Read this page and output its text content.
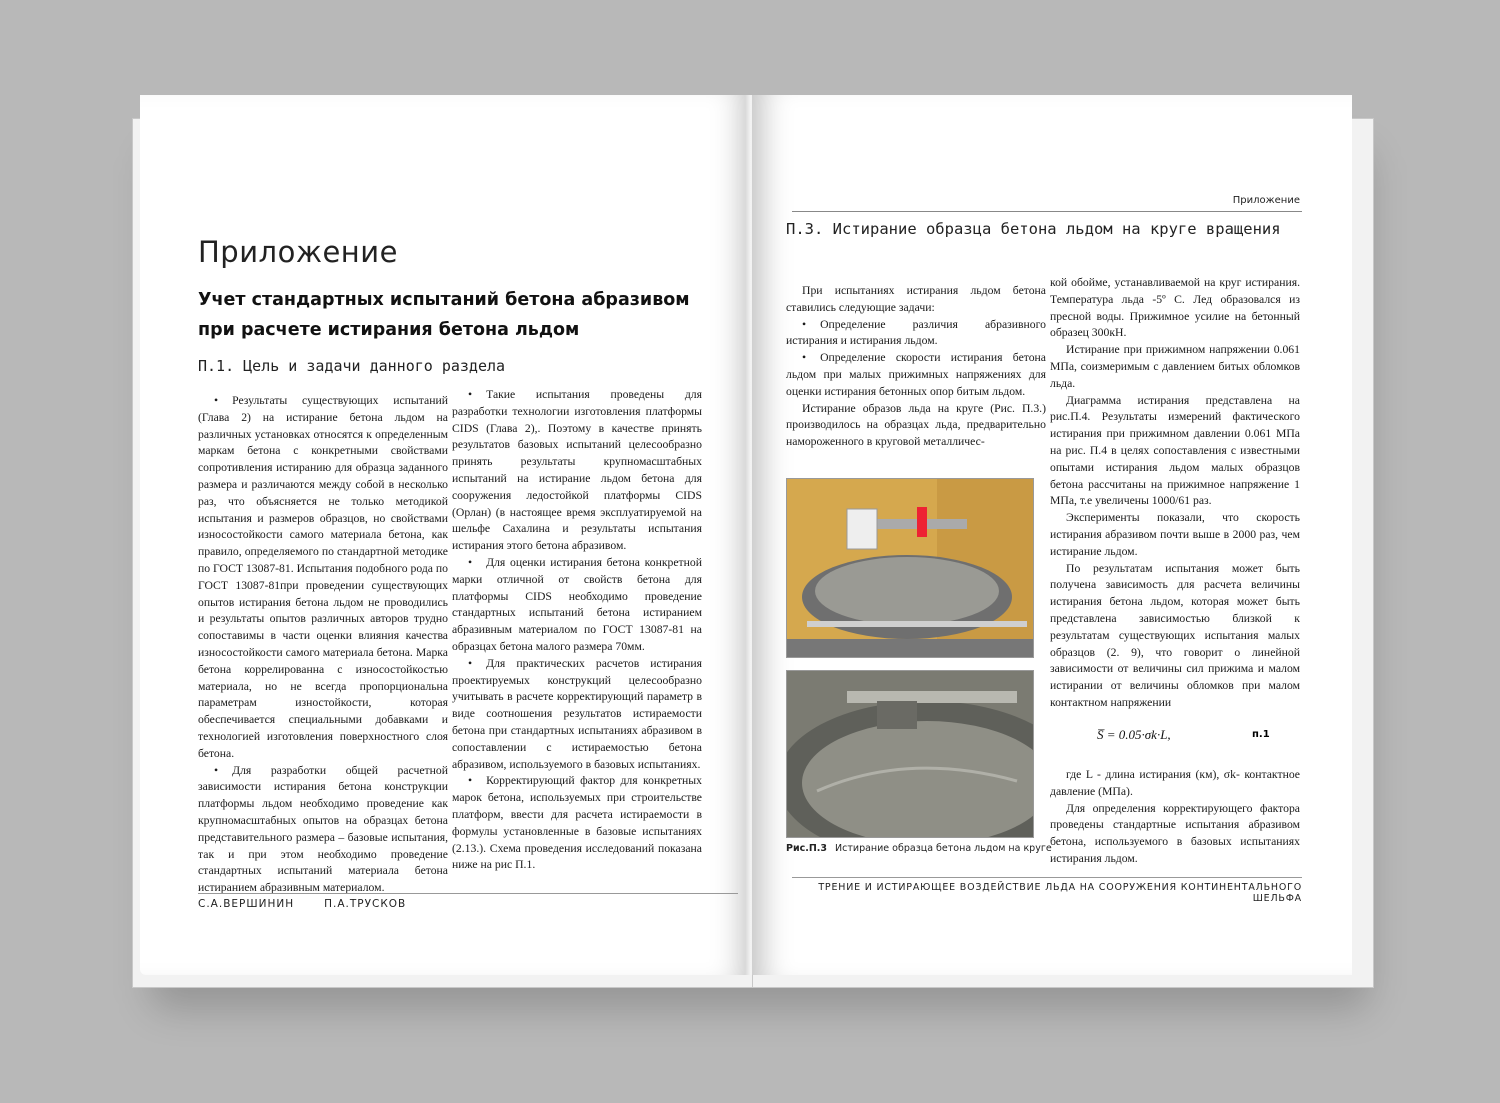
Приложение
Учет стандартных испытаний бетона абразивом при расчете истирания бетона льдом
П.1. Цель и задачи данного раздела

• Результаты существующих испытаний (Глава 2) на истирание бетона льдом на различных установках относятся к определенным маркам бетона с конкретными свойствами сопротивления истиранию для образца заданного размера и различаются между собой в несколько раз, что объясняется не только методикой испытания и размеров образцов, но свойствами износостойкости самого материала бетона, как правило, определяемого по стандартной методике по ГОСТ 13087-81. Испытания подобного рода по ГОСТ 13087-81при проведении существующих опытов истирания бетона льдом не проводились и результаты опытов различных авторов трудно сопоставимы в части оценки влияния качества износостойкости самого материала бетона. Марка бетона коррелированна с износостойкостью материала, но не всегда пропорциональна параметрам изностойкости, которая обеспечивается специальными добавками и технологией изготовления поверхностного слоя бетона.

• Для разработки общей расчетной зависимости истирания бетона конструкции платформы льдом необходимо проведение как крупномасштабных опытов на образцах бетона представительного размера – базовые испытания, так и при этом необходимо проведение стандартных испытаний материала бетона истиранием абразивным материалом.

• Такие испытания проведены для разработки технологии изготовления платформы CIDS (Глава 2),. Поэтому в качестве принять результатов базовых испытаний целесообразно принять результаты крупномасштабных испытаний на истирание льдом бетона для сооружения ледостойкой платформы CIDS (Орлан) (в настоящее время эксплуатируемой на шельфе Сахалина и результаты испытания истирания этого бетона абразивом.

• Для оценки истирания бетона конкретной марки отличной от свойств бетона для платформы CIDS необходимо проведение стандартных испытаний бетона истиранием абразивным материалом по ГОСТ 13087-81 на образцах бетона малого размера 70мм.

• Для практических расчетов истирания проектируемых конструкций целесообразно учитывать в расчете корректирующий параметр в виде соотношения результатов истираемости бетона при стандартных испытаниях абразивом в сопоставлении с истираемостью бетона абразивом, используемого в базовых испытаниях.

• Корректирующий фактор для конкретных марок бетона, используемых при строительстве платформ, ввести для расчета истираемости в формулы установленные в базовые испытаниях (2.13.). Схема проведения исследований показана ниже на рис П.1.

С.А.ВЕРШИНИН	П.А.ТРУСКОВ
Приложение
П.3. Истирание образца бетона льдом на круге вращения

При испытаниях истирания льдом бетона ставились следующие задачи:

• Определение различия абразивного истирания и истирания льдом.

• Определение скорости истирания бетона льдом при малых прижимных напряжениях для оценки истирания бетонных опор битым льдом.

Истирание образов льда на круге (Рис. П.3.) производилось на образцах льда, предварительно намороженного в круговой металличес-

Рис.П.3 Истирание образца бетона льдом на круге

кой обойме, устанавливаемой на круг истирания. Температура льда -5º С. Лед образовался из пресной воды. Прижимное усилие на бетонный образец 300кН.

Истирание при прижимном напряжении 0.061 МПа, соизмеримым с давлением битых обломков льда.

Диаграмма истирания представлена на рис.П.4. Результаты измерений фактического истирания при прижимном давлении 0.061 МПа на рис. П.4 в целях сопоставления с известными опытами истирания льдом малых образцов бетона рассчитаны на прижимное напряжение 1 МПа, т.е увеличены 1000/61 раз.

Эксперименты показали, что скорость истирания абразивом почти выше в 2000 раз, чем истирание льдом.

По результатам испытания может быть получена зависимость для расчета величины истирания бетона льдом, которая может быть представлена зависимостью близкой к результатам существующих испытания малых образцов (2. 9), что говорит о линейной зависимости от величины сил прижима и малом истирании от величины обломков при малом контактном напряжении

S̅ = 0.05·σk·L,	п.1

где L - длина истирания (км), σk- контактное давление (МПа).

Для определения корректирующего фактора проведены стандартные испытания абразивом бетона, используемого в базовых испытаниях истирания льдом.

ТРЕНИЕ И ИСТИРАЮЩЕЕ ВОЗДЕЙСТВИЕ ЛЬДА НА СООРУЖЕНИЯ КОНТИНЕНТАЛЬНОГО ШЕЛЬФА
